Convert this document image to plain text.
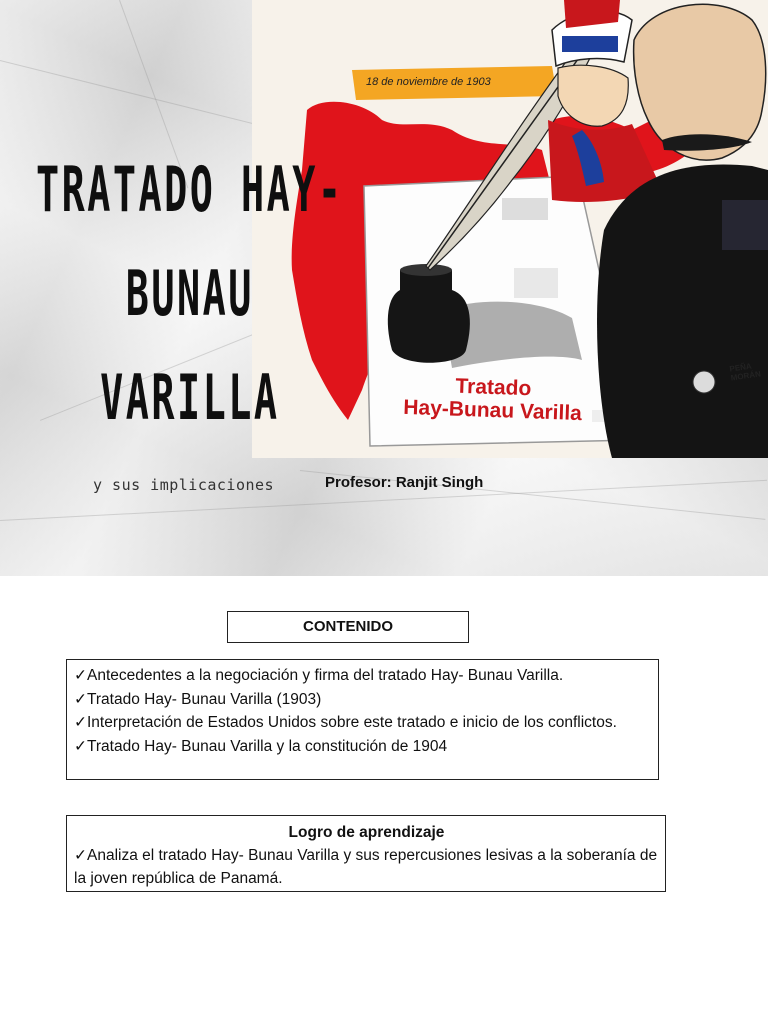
18 de noviembre de 1903
Tratado
Hay-Bunau Varilla
PEÑA MORÁN
TRATADO HAY-
BUNAU
VARILLA
y sus implicaciones	Profesor: Ranjit Singh
CONTENIDO
✓Antecedentes a la negociación y firma del tratado Hay- Bunau Varilla.
✓Tratado Hay- Bunau Varilla (1903)
✓Interpretación de Estados Unidos sobre este tratado e inicio de los conflictos.
✓Tratado Hay- Bunau Varilla y la constitución de 1904
Logro de aprendizaje
✓Analiza el tratado Hay- Bunau Varilla y sus repercusiones lesivas a la soberanía de la joven república de Panamá.
